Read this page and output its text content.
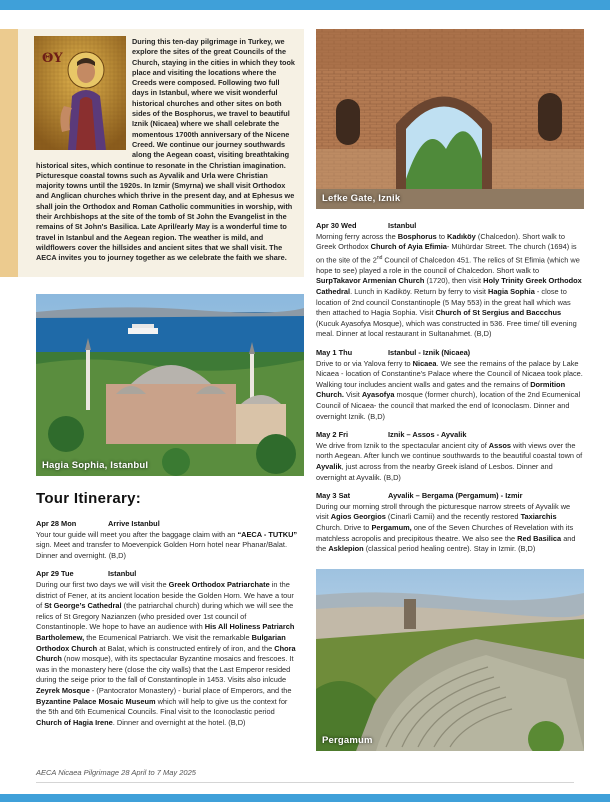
ΘΥ
During this ten-day pilgrimage in Turkey, we explore the sites of the great Councils of the Church, staying in the cities in which they took place and visiting the locations where the Creeds were composed. Following two full days in Istanbul, where we visit wonderful historical churches and other sites on both sides of the Bosphorus, we travel to beautiful Iznik (Nicaea) where we shall celebrate the momentous 1700th anniversary of the Nicene Creed. We continue our journey southwards along the Aegean coast, visiting breathtaking historical sites, which continue to resonate in the Christian imagination. Picturesque coastal towns such as Ayvalik and Urla were Christian majority towns until the 1920s. In Izmir (Smyrna) we shall visit Orthodox and Anglican churches which thrive in the present day, and at Ephesus we shall join the Orthodox and Roman Catholic communities in worship, with their Archbishops at the site of the tomb of St John the Evangelist in the remains of St John's Basilica. Late April/early May is a wonderful time to travel in Istanbul and the Aegean region. The weather is mild, and wildflowers cover the hillsides and ancient sites that we shall visit. The AECA invites you to journey together as we celebrate the faith we share.
Lefke Gate, Iznik
Hagia Sophia, Istanbul
Pergamum
Tour Itinerary:
Apr 28 Mon	Arrive Istanbul

Your tour guide will meet you after the baggage claim with an “AECA - TUTKU” sign. Meet and transfer to Moevenpick Golden Horn hotel near Phanar/Balat. Dinner and overnight. (B,D)

Apr 29 Tue	Istanbul

During our first two days we will visit the Greek Orthodox Patriarchate in the district of Fener, at its ancient location beside the Golden Horn. We have a tour of St George’s Cathedral (the patriarchal church) during which we will see the relics of St Gregory Nazianzen (who presided over 1st council of Constantinople. We hope to have an audience with His All Holiness Patriarch Bartholemew, the Ecumenical Patriarch. We visit the remarkable Bulgarian Orthodox Church at Balat, which is constructed entirely of iron, and the Chora Church (now mosque), with its spectacular Byzantine mosaics and frescoes. It was in the monastery here (close the city walls) that the Last Emperor resided during the seige prior to the fall of Constantinople in 1453. Visits also inlcude Zeyrek Mosque - (Pantocrator Monastery) - burial place of Emperors, and the Byzantine Palace Mosaic Museum which will help to give us the context for the 5th and 6th Ecumenical Councils. Final visit to the Iconoclastic period Church of Hagia Irene. Dinner and overnight at the hotel. (B,D)

Apr 30 Wed	Istanbul

Morning ferry across the Bosphorus to Kadıköy (Chalcedon). Short walk to Greek Orthodox Church of Ayia Efimia- Mühürdar Street. The church (1694) is on the site of the 2nd Council of Chalcedon 451. The relics of St Efimia (which we hope to see) played a role in the council of Chalcedon. Short walk to SurpTakavor Armenian Church (1720), then visit Holy Trinity Greek Orthodox Cathedral. Lunch in Kadiköy. Return by ferry to visit Hagia Sophia - close to location of 2nd council Constantinople (5 May 553) in the great hall which was then attached to Hagia Sophia. Visit Church of St Sergius and Baccchus (Kucuk Ayasofya Mosque), which was constructed in 536. Free time/ till evening meal. Dinner at local restaurant in Sultanahmet. (B,D)

May 1 Thu	Istanbul - Iznik (Nicaea)

Drive to or via Yalova ferry to Nicaea. We see the remains of the palace by Lake Nicaea - location of Constantine's Palace where the Council of Nicaea took place. Walking tour includes ancient walls and gates and the remains of Dormition Church. Visit Ayasofya mosque (former church), location of the 2nd Ecumenical Council of Nicaea- the council that marked the end of Iconoclasm. Dinner and overnight Iznik. (B,D)

May 2 Fri	Iznik – Assos - Ayvalik

We drive from Iznik to the spectacular ancient city of Assos with views over the north Aegean. After lunch we continue southwards to the beautiful coastal town of Ayvalik, just across from the nearby Greek island of Lesbos. Dinner and overnight at Ayvalik. (B,D)

May 3 Sat	Ayvalik – Bergama (Pergamum) - Izmir

During our morning stroll through the picturesque narrow streets of Ayvalik we visit Agios Georgios (Cinarli Camii) and the recently restored Taxiarchis Church. Drive to Pergamum, one of the Seven Churches of Revelation with its matchless acropolis and precipitous theatre. We also see the Red Basilica and the Asklepion (classical period healing centre). Stay in Izmir. (B,D)

AECA Nicaea Pilgrimage 28 April to 7 May 2025
